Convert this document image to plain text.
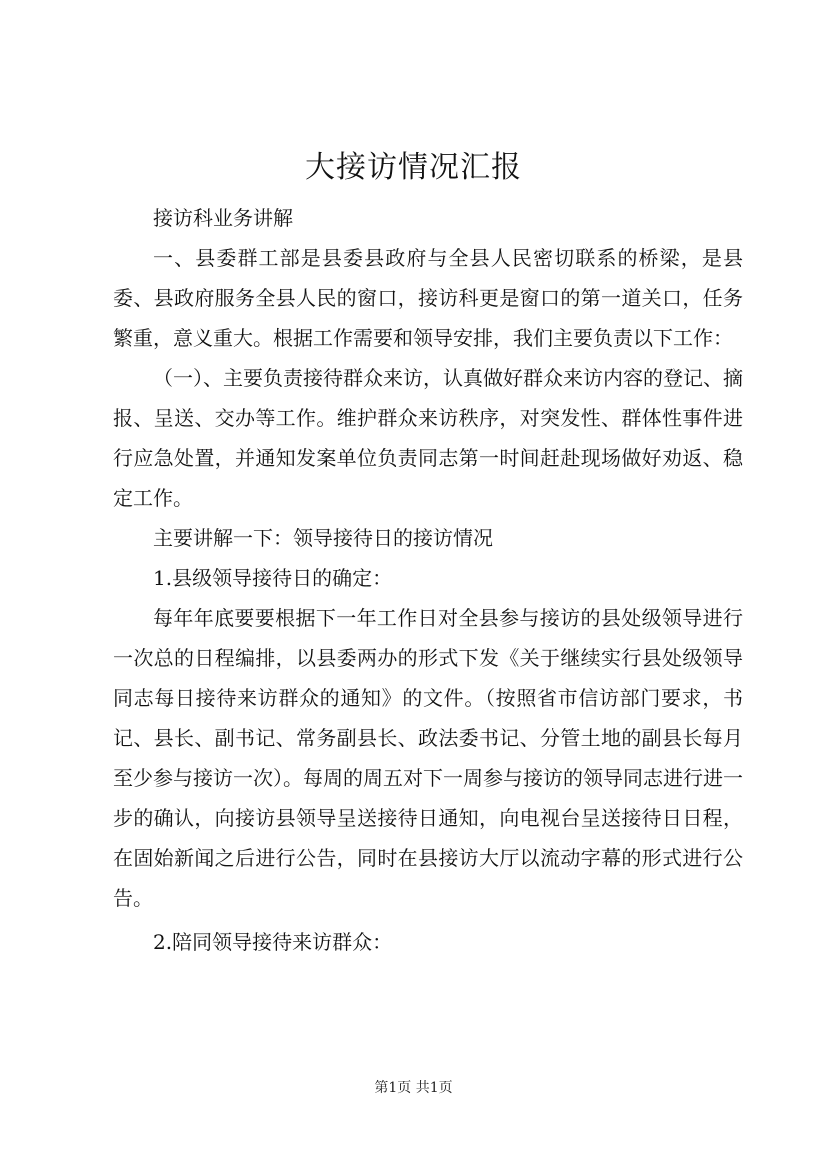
大接访情况汇报

接访科业务讲解

一、县委群工部是县委县政府与全县人民密切联系的桥梁，是县委、县政府服务全县人民的窗口，接访科更是窗口的第一道关口，任务繁重，意义重大。根据工作需要和领导安排，我们主要负责以下工作：

（一）、主要负责接待群众来访，认真做好群众来访内容的登记、摘报、呈送、交办等工作。维护群众来访秩序，对突发性、群体性事件进行应急处置，并通知发案单位负责同志第一时间赶赴现场做好劝返、稳定工作。

主要讲解一下：领导接待日的接访情况

1.县级领导接待日的确定：

每年年底要要根据下一年工作日对全县参与接访的县处级领导进行一次总的日程编排，以县委两办的形式下发《关于继续实行县处级领导同志每日接待来访群众的通知》的文件。（按照省市信访部门要求，书记、县长、副书记、常务副县长、政法委书记、分管土地的副县长每月至少参与接访一次）。每周的周五对下一周参与接访的领导同志进行进一步的确认，向接访县领导呈送接待日通知，向电视台呈送接待日日程，在固始新闻之后进行公告，同时在县接访大厅以流动字幕的形式进行公告。

2.陪同领导接待来访群众：

第1页 共1页
